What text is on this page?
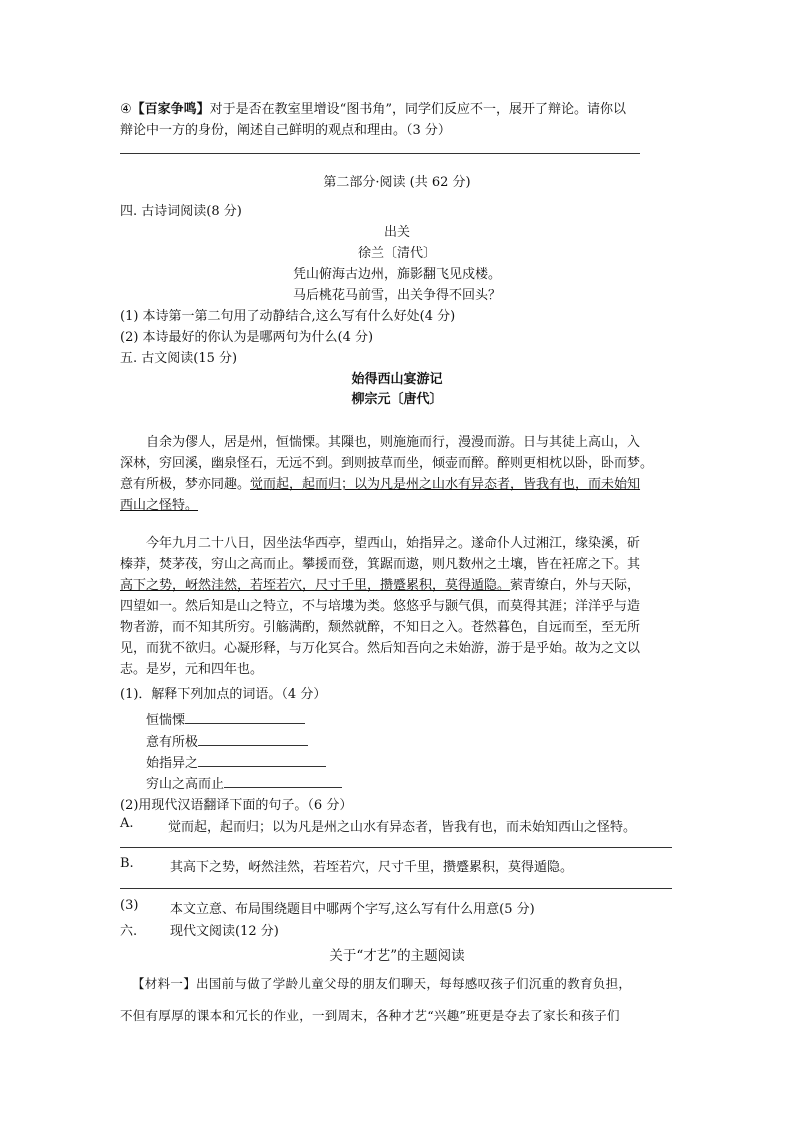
④【百家争鸣】对于是否在教室里增设“图书角”，同学们反应不一，展开了辩论。请你以
辩论中一方的身份，阐述自己鲜明的观点和理由。（3 分）
第二部分·阅读 (共 62 分)
四. 古诗词阅读(8 分)
出关
徐兰〔清代〕
凭山俯海古边州，旆影翻飞见戍楼。
马后桃花马前雪，出关争得不回头？
(1) 本诗第一第二句用了动静结合,这么写有什么好处(4 分)
(2) 本诗最好的你认为是哪两句为什么(4 分)
五. 古文阅读(15 分)
始得西山宴游记
柳宗元〔唐代〕
自余为僇人，居是州，恒惴慄。其隟也，则施施而行，漫漫而游。日与其徒上高山，入
深林，穷回溪，幽泉怪石，无远不到。到则披草而坐，倾壶而醉。醉则更相枕以卧，卧而梦。
意有所极，梦亦同趣。觉而起，起而归；以为凡是州之山水有异态者，皆我有也，而未始知
西山之怪特。
今年九月二十八日，因坐法华西亭，望西山，始指异之。遂命仆人过湘江，缘染溪，斫
榛莽，焚茅茷，穷山之高而止。攀援而登，箕踞而遨，则凡数州之土壤，皆在衽席之下。其
高下之势，岈然洼然，若垤若穴，尺寸千里，攒蹙累积，莫得遁隐。萦青缭白，外与天际，
四望如一。然后知是山之特立，不与培塿为类。悠悠乎与颢气俱，而莫得其涯；洋洋乎与造
物者游，而不知其所穷。引觞满酌，颓然就醉，不知日之入。苍然暮色，自远而至，至无所
见，而犹不欲归。心凝形释，与万化冥合。然后知吾向之未始游，游于是乎始。故为之文以
志。是岁，元和四年也。
(1)．解释下列加点的词语。（4 分）
恒惴慄
意有所极
始指异之
穷山之高而止
(2)用现代汉语翻译下面的句子。（6 分）
A.	觉而起，起而归；以为凡是州之山水有异态者，皆我有也，而未始知西山之怪特。
B.	其高下之势，岈然洼然，若垤若穴，尺寸千里，攒蹙累积，莫得遁隐。
(3) 本文立意、布局围绕题目中哪两个字写,这么写有什么用意(5 分)
六.	现代文阅读(12 分)
关于“才艺”的主题阅读
【材料一】出国前与做了学龄儿童父母的朋友们聊天，每每感叹孩子们沉重的教育负担，
不但有厚厚的课本和冗长的作业，一到周末，各种才艺“兴趣”班更是夺去了家长和孩子们
